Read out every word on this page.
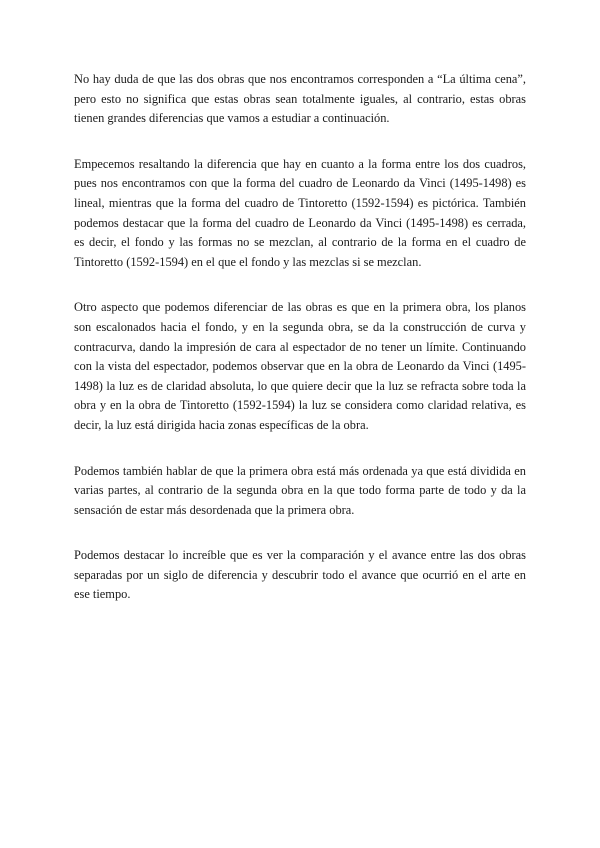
No hay duda de que las dos obras que nos encontramos corresponden a “La última cena”, pero esto no significa que estas obras sean totalmente iguales, al contrario, estas obras tienen grandes diferencias que vamos a estudiar a continuación.

Empecemos resaltando la diferencia que hay en cuanto a la forma entre los dos cuadros, pues nos encontramos con que la forma del cuadro de Leonardo da Vinci (1495-1498) es lineal, mientras que la forma del cuadro de Tintoretto (1592-1594) es pictórica. También podemos destacar que la forma del cuadro de Leonardo da Vinci (1495-1498) es cerrada, es decir, el fondo y las formas no se mezclan, al contrario de la forma en el cuadro de Tintoretto (1592-1594) en el que el fondo y las mezclas si se mezclan.

Otro aspecto que podemos diferenciar de las obras es que en la primera obra, los planos son escalonados hacia el fondo, y en la segunda obra, se da la construcción de curva y contracurva, dando la impresión de cara al espectador de no tener un límite. Continuando con la vista del espectador, podemos observar que en la obra de Leonardo da Vinci (1495-1498) la luz es de claridad absoluta, lo que quiere decir que la luz se refracta sobre toda la obra y en la obra de Tintoretto (1592-1594) la luz se considera como claridad relativa, es decir, la luz está dirigida hacia zonas específicas de la obra.

Podemos también hablar de que la primera obra está más ordenada ya que está dividida en varias partes, al contrario de la segunda obra en la que todo forma parte de todo y da la sensación de estar más desordenada que la primera obra.

Podemos destacar lo increíble que es ver la comparación y el avance entre las dos obras separadas por un siglo de diferencia y descubrir todo el avance que ocurrió en el arte en ese tiempo.
